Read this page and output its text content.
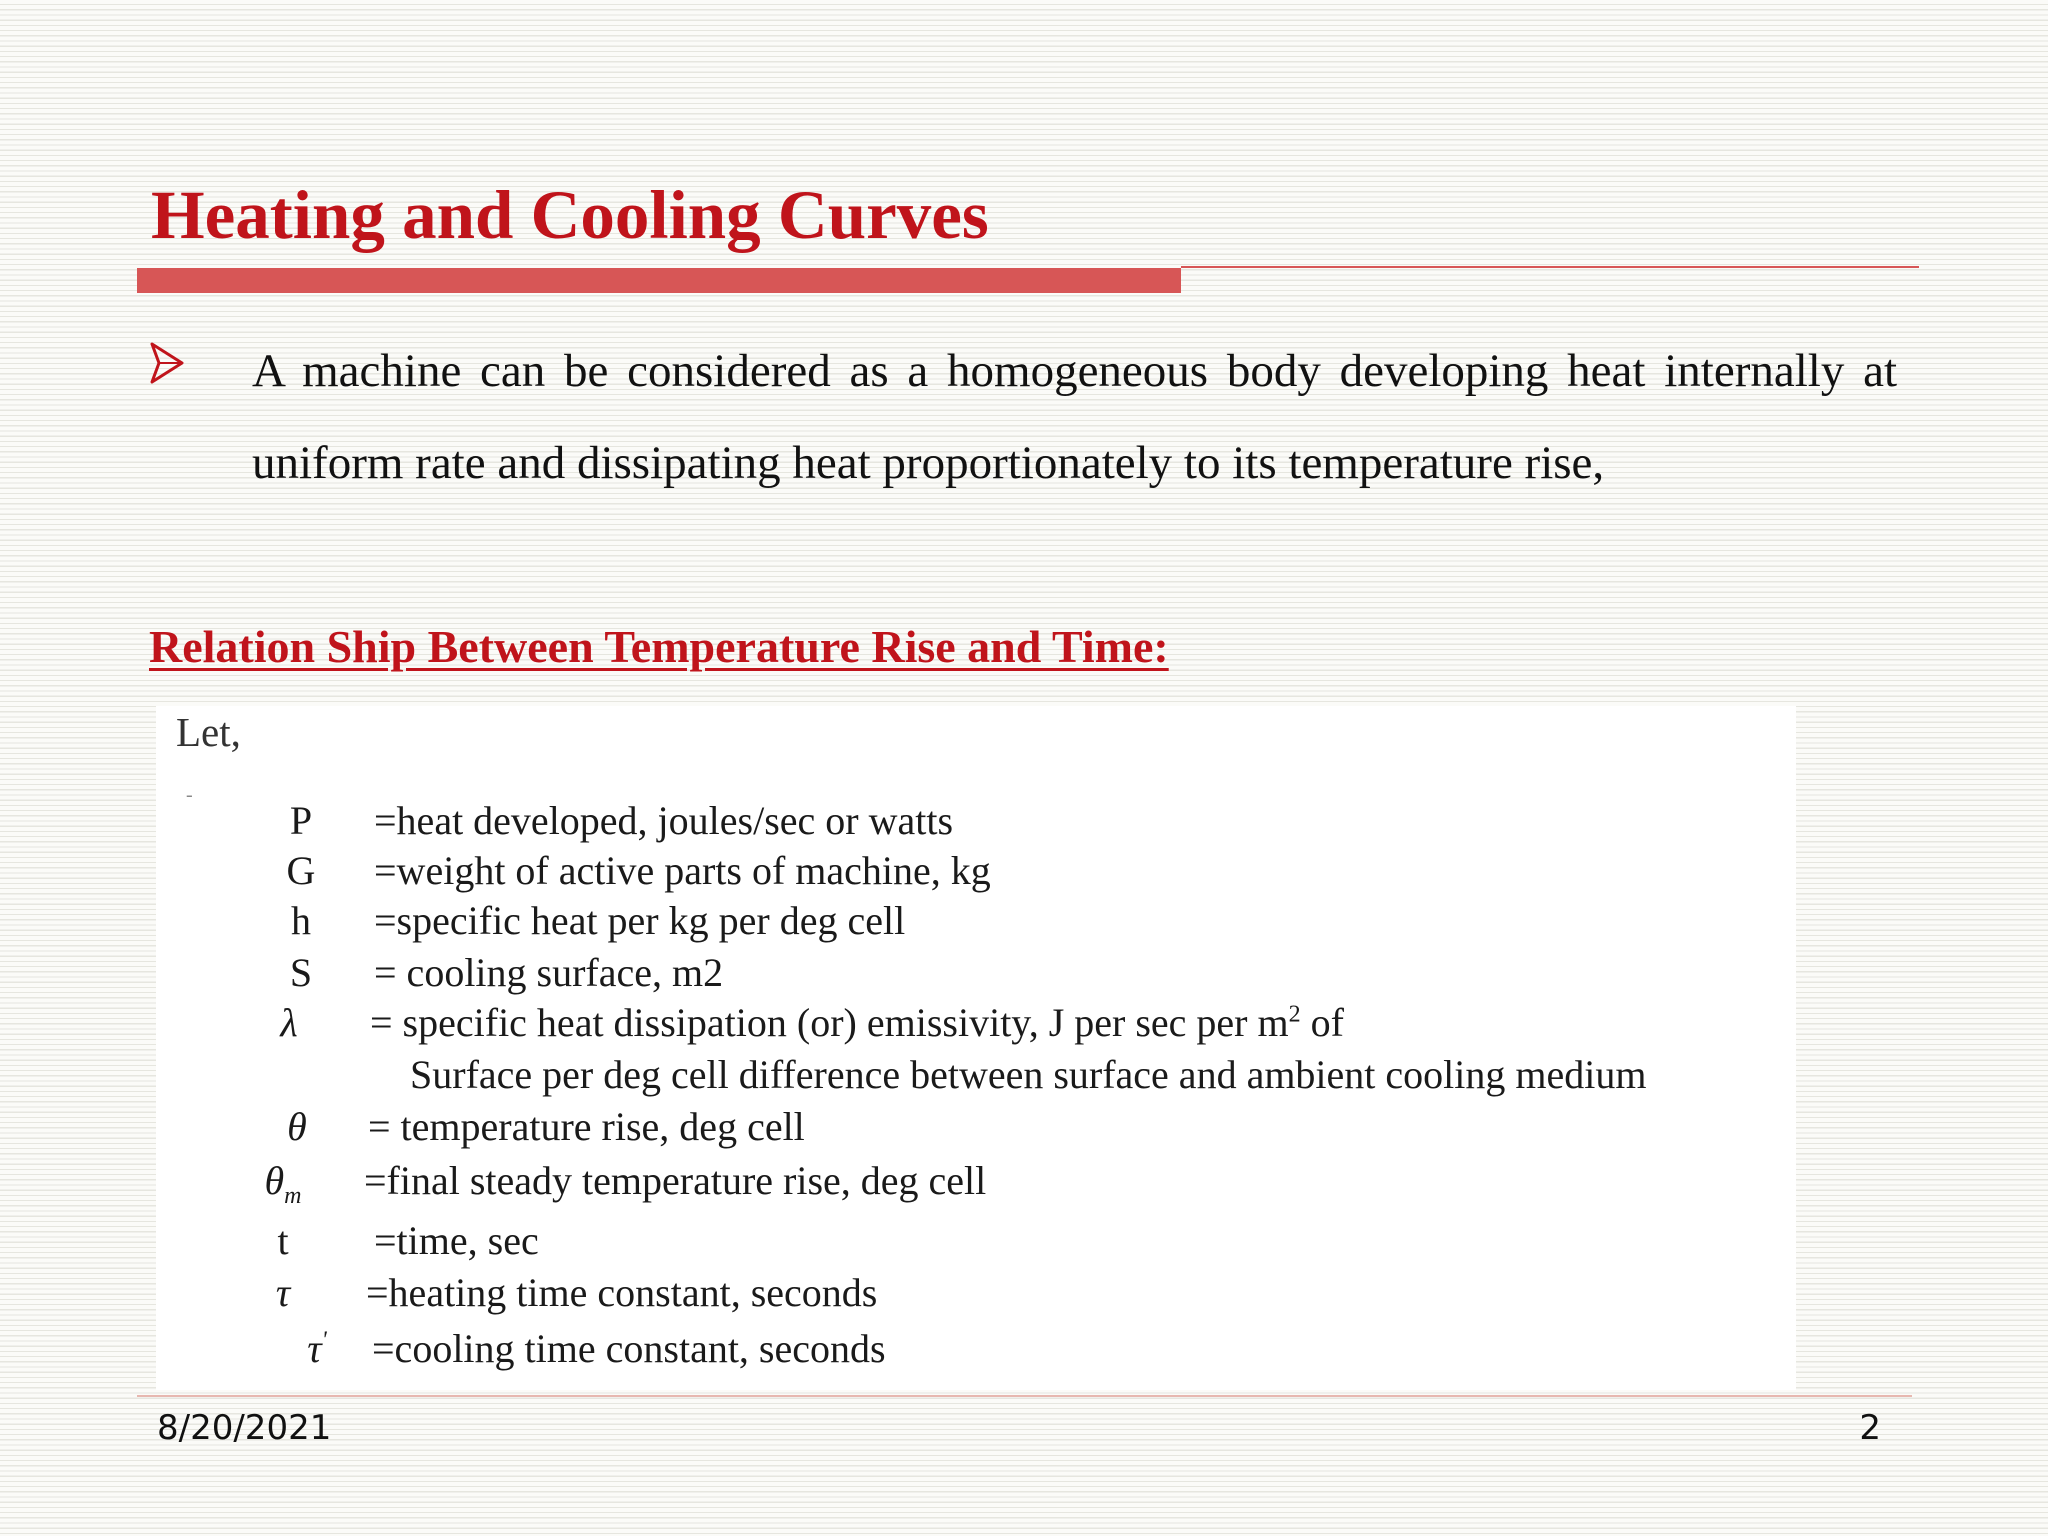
Heating and Cooling Curves

A machine can be considered as a homogeneous body developing heat internally at uniform rate and dissipating heat proportionately to its temperature rise,

Relation Ship Between Temperature Rise and Time:
Let,
-
P	=heat developed, joules/sec or watts
G	=weight of active parts of machine, kg
h	=specific heat per kg per deg cell
S	= cooling surface, m2
λ	= specific heat dissipation (or) emissivity, J per sec per $m^2$ of
Surface per deg cell difference between surface and ambient cooling medium
θ	= temperature rise, deg cell
$\theta_m$	=final steady temperature rise, deg cell
t	=time, sec
τ	=heating time constant, seconds
τ'	=cooling time constant, seconds
8/20/2021	2
